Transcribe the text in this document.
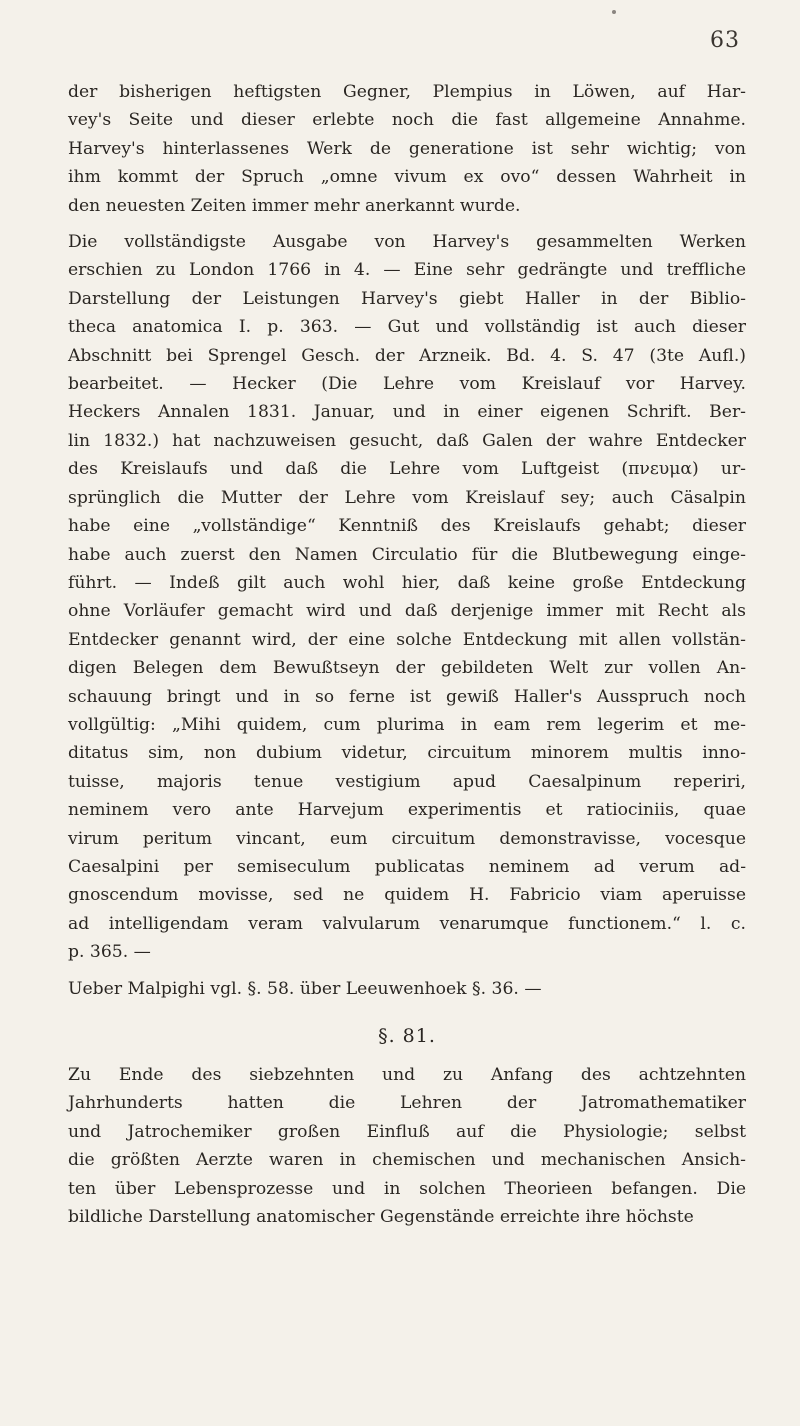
63

der bisherigen heftigsten Gegner, Plempius in Löwen, auf Har-

vey's Seite und dieser erlebte noch die fast allgemeine Annahme.

Harvey's hinterlassenes Werk de generatione ist sehr wichtig; von

ihm kommt der Spruch „omne vivum ex ovo“ dessen Wahrheit in

den neuesten Zeiten immer mehr anerkannt wurde.

Die vollständigste Ausgabe von Harvey's gesammelten Werken

erschien zu London 1766 in 4. — Eine sehr gedrängte und treffliche

Darstellung der Leistungen Harvey's giebt Haller in der Biblio-

theca anatomica I. p. 363. — Gut und vollständig ist auch dieser

Abschnitt bei Sprengel Gesch. der Arzneik. Bd. 4. S. 47 (3te Aufl.)

bearbeitet. — Hecker (Die Lehre vom Kreislauf vor Harvey.

Heckers Annalen 1831. Januar, und in einer eigenen Schrift. Ber-

lin 1832.) hat nachzuweisen gesucht, daß Galen der wahre Entdecker

des Kreislaufs und daß die Lehre vom Luftgeist (πνευμα) ur-

sprünglich die Mutter der Lehre vom Kreislauf sey; auch Cäsalpin

habe eine „vollständige“ Kenntniß des Kreislaufs gehabt; dieser

habe auch zuerst den Namen Circulatio für die Blutbewegung einge-

führt. — Indeß gilt auch wohl hier, daß keine große Entdeckung

ohne Vorläufer gemacht wird und daß derjenige immer mit Recht als

Entdecker genannt wird, der eine solche Entdeckung mit allen vollstän-

digen Belegen dem Bewußtseyn der gebildeten Welt zur vollen An-

schauung bringt und in so ferne ist gewiß Haller's Ausspruch noch

vollgültig: „Mihi quidem, cum plurima in eam rem legerim et me-

ditatus sim, non dubium videtur, circuitum minorem multis inno-

tuisse, majoris tenue vestigium apud Caesalpinum reperiri,

neminem vero ante Harvejum experimentis et ratiociniis, quae

virum peritum vincant, eum circuitum demonstravisse, vocesque

Caesalpini per semiseculum publicatas neminem ad verum ad-

gnoscendum movisse, sed ne quidem H. Fabricio viam aperuisse

ad intelligendam veram valvularum venarumque functionem.“ l. c.

p. 365. —

Ueber Malpighi vgl. §. 58. über Leeuwenhoek §. 36. —

§. 81.

Zu Ende des siebzehnten und zu Anfang des achtzehnten

Jahrhunderts hatten die Lehren der Jatromathematiker

und Jatrochemiker großen Einfluß auf die Physiologie; selbst

die größten Aerzte waren in chemischen und mechanischen Ansich-

ten über Lebensprozesse und in solchen Theorieen befangen. Die

bildliche Darstellung anatomischer Gegenstände erreichte ihre höchste
